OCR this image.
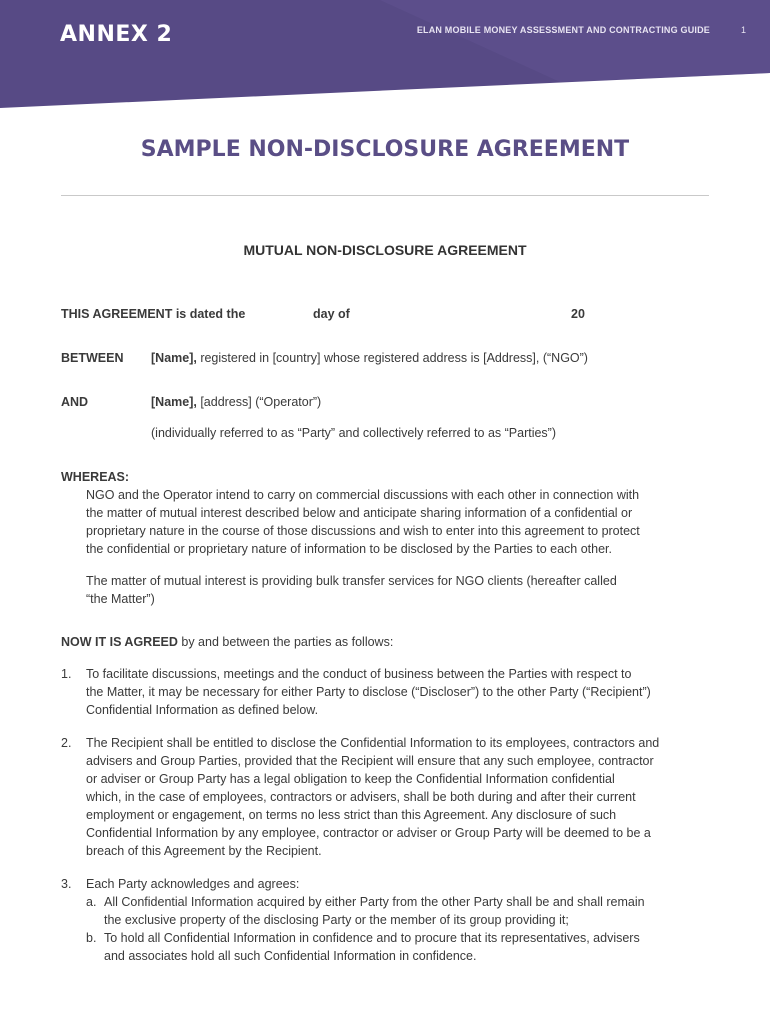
ANNEX 2	ELAN MOBILE MONEY ASSESSMENT AND CONTRACTING GUIDE	1
SAMPLE NON-DISCLOSURE AGREEMENT
MUTUAL NON-DISCLOSURE AGREEMENT
THIS AGREEMENT is dated the	day of	20
BETWEEN [Name], registered in [country] whose registered address is [Address], (“NGO”)
AND	[Name], [address] (“Operator”)
(individually referred to as “Party” and collectively referred to as “Parties”)
WHEREAS:

NGO and the Operator intend to carry on commercial discussions with each other in connection with

the matter of mutual interest described below and anticipate sharing information of a confidential or

proprietary nature in the course of those discussions and wish to enter into this agreement to protect

the confidential or proprietary nature of information to be disclosed by the Parties to each other.

The matter of mutual interest is providing bulk transfer services for NGO clients (hereafter called

“the Matter”)

NOW IT IS AGREED by and between the parties as follows:
1. To facilitate discussions, meetings and the conduct of business between the Parties with respect to
the Matter, it may be necessary for either Party to disclose (“Discloser”) to the other Party (“Recipient”)
Confidential Information as defined below.
2. The Recipient shall be entitled to disclose the Confidential Information to its employees, contractors and
advisers and Group Parties, provided that the Recipient will ensure that any such employee, contractor
or adviser or Group Party has a legal obligation to keep the Confidential Information confidential
which, in the case of employees, contractors or advisers, shall be both during and after their current
employment or engagement, on terms no less strict than this Agreement. Any disclosure of such
Confidential Information by any employee, contractor or adviser or Group Party will be deemed to be a
breach of this Agreement by the Recipient.
3. Each Party acknowledges and agrees:
a. All Confidential Information acquired by either Party from the other Party shall be and shall remain
the exclusive property of the disclosing Party or the member of its group providing it;
b. To hold all Confidential Information in confidence and to procure that its representatives, advisers
and associates hold all such Confidential Information in confidence.
